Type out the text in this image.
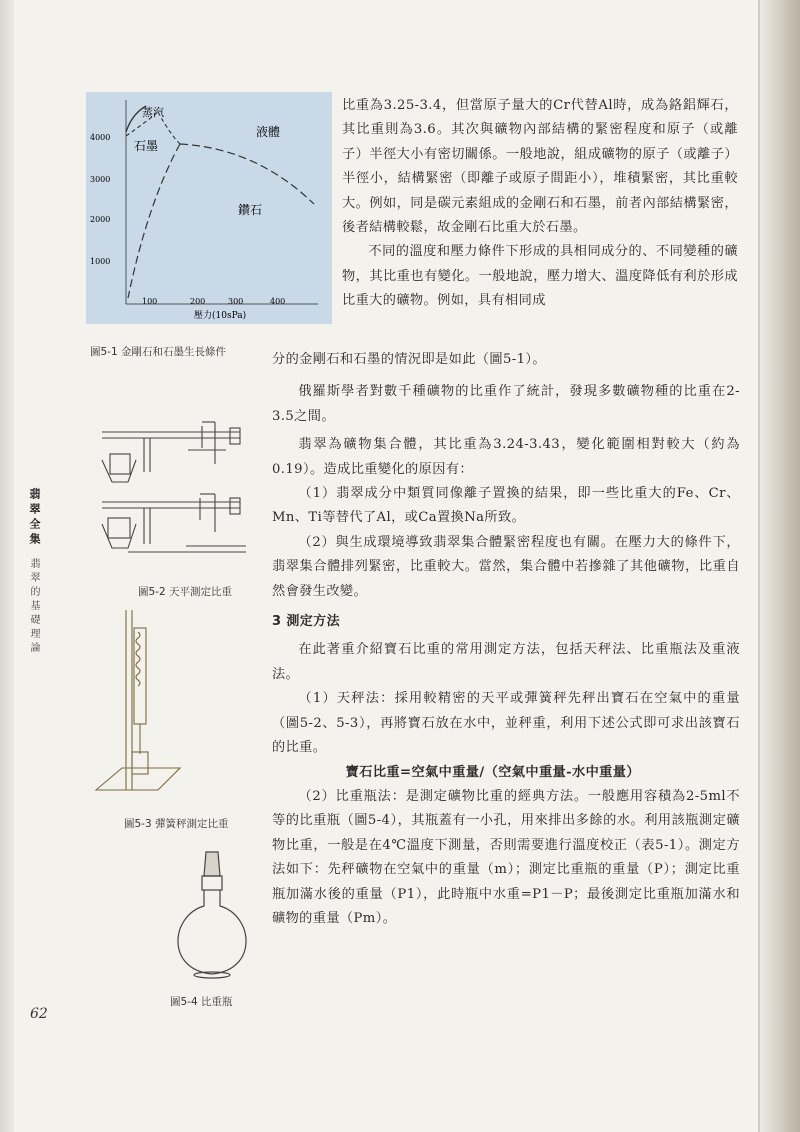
蒸汽
石墨
液體
鑽石
4000
3000
2000
1000
100	200	300	400
壓力(10sPa)
圖5-1 金剛石和石墨生長條件
圖5-2 天平測定比重
圖5-3 彈簧秤測定比重
圖5-4 比重瓶
翡翠全集
翡翠的基礎理論

比重為3.25-3.4，但當原子量大的Cr代替Al時，成為鉻鋁輝石，其比重則為3.6。其次與礦物內部結構的緊密程度和原子（或離子）半徑大小有密切關係。一般地說，組成礦物的原子（或離子）半徑小，結構緊密（即離子或原子間距小），堆積緊密，其比重較大。例如，同是碳元素組成的金剛石和石墨，前者內部結構緊密，後者結構較鬆，故金剛石比重大於石墨。

不同的溫度和壓力條件下形成的具相同成分的、不同變種的礦物，其比重也有變化。一般地說，壓力增大、溫度降低有利於形成比重大的礦物。例如，具有相同成

分的金剛石和石墨的情況即是如此（圖5-1）。

俄羅斯學者對數千種礦物的比重作了統計，發現多數礦物種的比重在2-3.5之間。

翡翠為礦物集合體，其比重為3.24-3.43，變化範圍相對較大（約為0.19）。造成比重變化的原因有：

（1）翡翠成分中類質同像離子置換的結果，即一些比重大的Fe、Cr、Mn、Ti等替代了Al，或Ca置換Na所致。

（2）與生成環境導致翡翠集合體緊密程度也有關。在壓力大的條件下，翡翠集合體排列緊密，比重較大。當然，集合體中若摻雜了其他礦物，比重自然會發生改變。

3 測定方法

在此著重介紹寶石比重的常用測定方法，包括天秤法、比重瓶法及重液法。

（1）天秤法：採用較精密的天平或彈簧秤先秤出寶石在空氣中的重量（圖5-2、5-3），再將寶石放在水中，並秤重，利用下述公式即可求出該寶石的比重。

寶石比重=空氣中重量/（空氣中重量-水中重量）

（2）比重瓶法：是測定礦物比重的經典方法。一般應用容積為2-5ml不等的比重瓶（圖5-4），其瓶蓋有一小孔，用來排出多餘的水。利用該瓶測定礦物比重，一般是在4℃溫度下測量，否則需要進行溫度校正（表5-1）。測定方法如下：先秤礦物在空氣中的重量（m）；測定比重瓶的重量（P）；測定比重瓶加滿水後的重量（P1），此時瓶中水重=P1－P；最後測定比重瓶加滿水和礦物的重量（Pm）。

62
